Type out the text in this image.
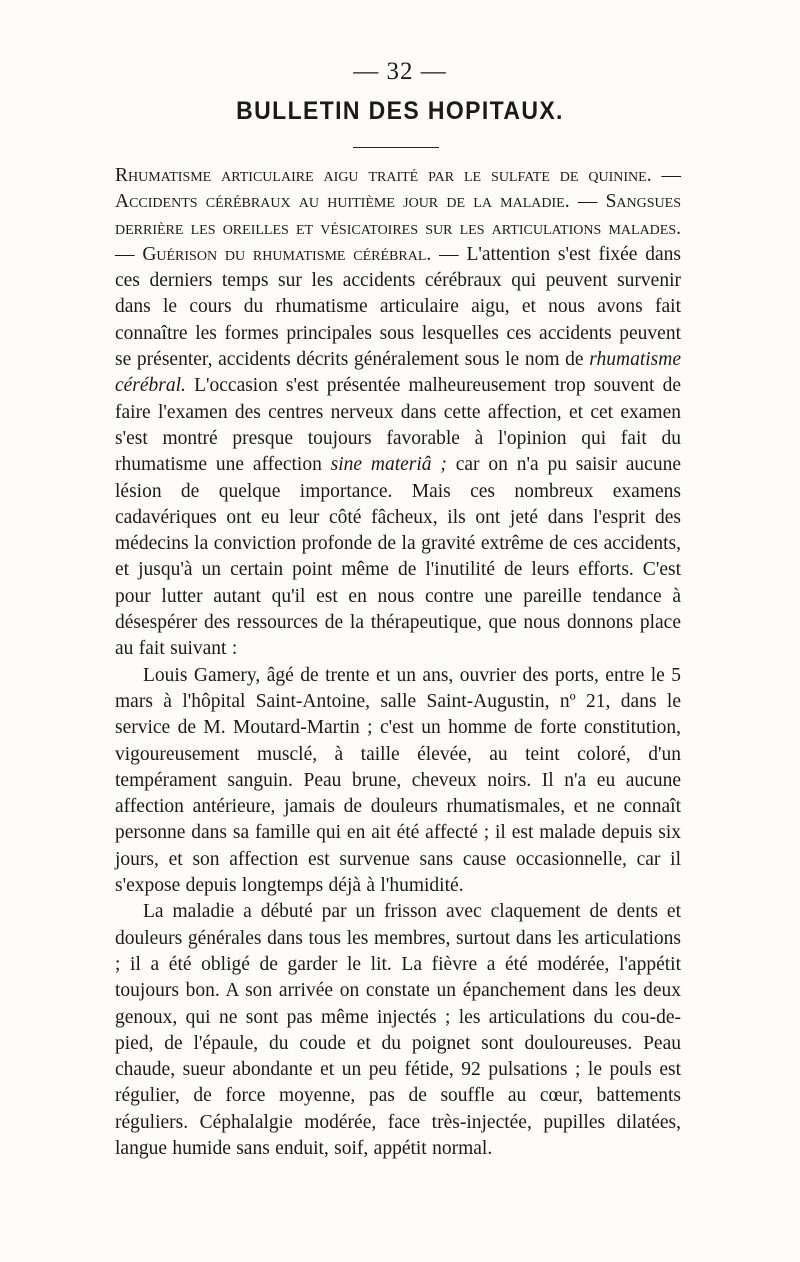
— 32 —
BULLETIN DES HOPITAUX.

Rhumatisme articulaire aigu traité par le sulfate de quinine. — Accidents cérébraux au huitième jour de la maladie. — Sangsues derrière les oreilles et vésicatoires sur les articulations malades. — Guérison du rhumatisme cérébral. — L'attention s'est fixée dans ces derniers temps sur les accidents cérébraux qui peuvent survenir dans le cours du rhumatisme articulaire aigu, et nous avons fait connaître les formes principales sous lesquelles ces accidents peuvent se présenter, accidents décrits généralement sous le nom de rhumatisme cérébral. L'occasion s'est présentée malheureusement trop souvent de faire l'examen des centres nerveux dans cette affection, et cet examen s'est montré presque toujours favorable à l'opinion qui fait du rhumatisme une affection sine materiâ ; car on n'a pu saisir aucune lésion de quelque importance. Mais ces nombreux examens cadavériques ont eu leur côté fâcheux, ils ont jeté dans l'esprit des médecins la conviction profonde de la gravité extrême de ces accidents, et jusqu'à un certain point même de l'inutilité de leurs efforts. C'est pour lutter autant qu'il est en nous contre une pareille tendance à désespérer des ressources de la thérapeutique, que nous donnons place au fait suivant :

Louis Gamery, âgé de trente et un ans, ouvrier des ports, entre le 5 mars à l'hôpital Saint-Antoine, salle Saint-Augustin, nº 21, dans le service de M. Moutard-Martin ; c'est un homme de forte constitution, vigoureusement musclé, à taille élevée, au teint coloré, d'un tempérament sanguin. Peau brune, cheveux noirs. Il n'a eu aucune affection antérieure, jamais de douleurs rhumatismales, et ne connaît personne dans sa famille qui en ait été affecté ; il est malade depuis six jours, et son affection est survenue sans cause occasionnelle, car il s'expose depuis longtemps déjà à l'humidité.

La maladie a débuté par un frisson avec claquement de dents et douleurs générales dans tous les membres, surtout dans les articulations ; il a été obligé de garder le lit. La fièvre a été modérée, l'appétit toujours bon. A son arrivée on constate un épanchement dans les deux genoux, qui ne sont pas même injectés ; les articulations du cou-de-pied, de l'épaule, du coude et du poignet sont douloureuses. Peau chaude, sueur abondante et un peu fétide, 92 pulsations ; le pouls est régulier, de force moyenne, pas de souffle au cœur, battements réguliers. Céphalalgie modérée, face très-injectée, pupilles dilatées, langue humide sans enduit, soif, appétit normal.
